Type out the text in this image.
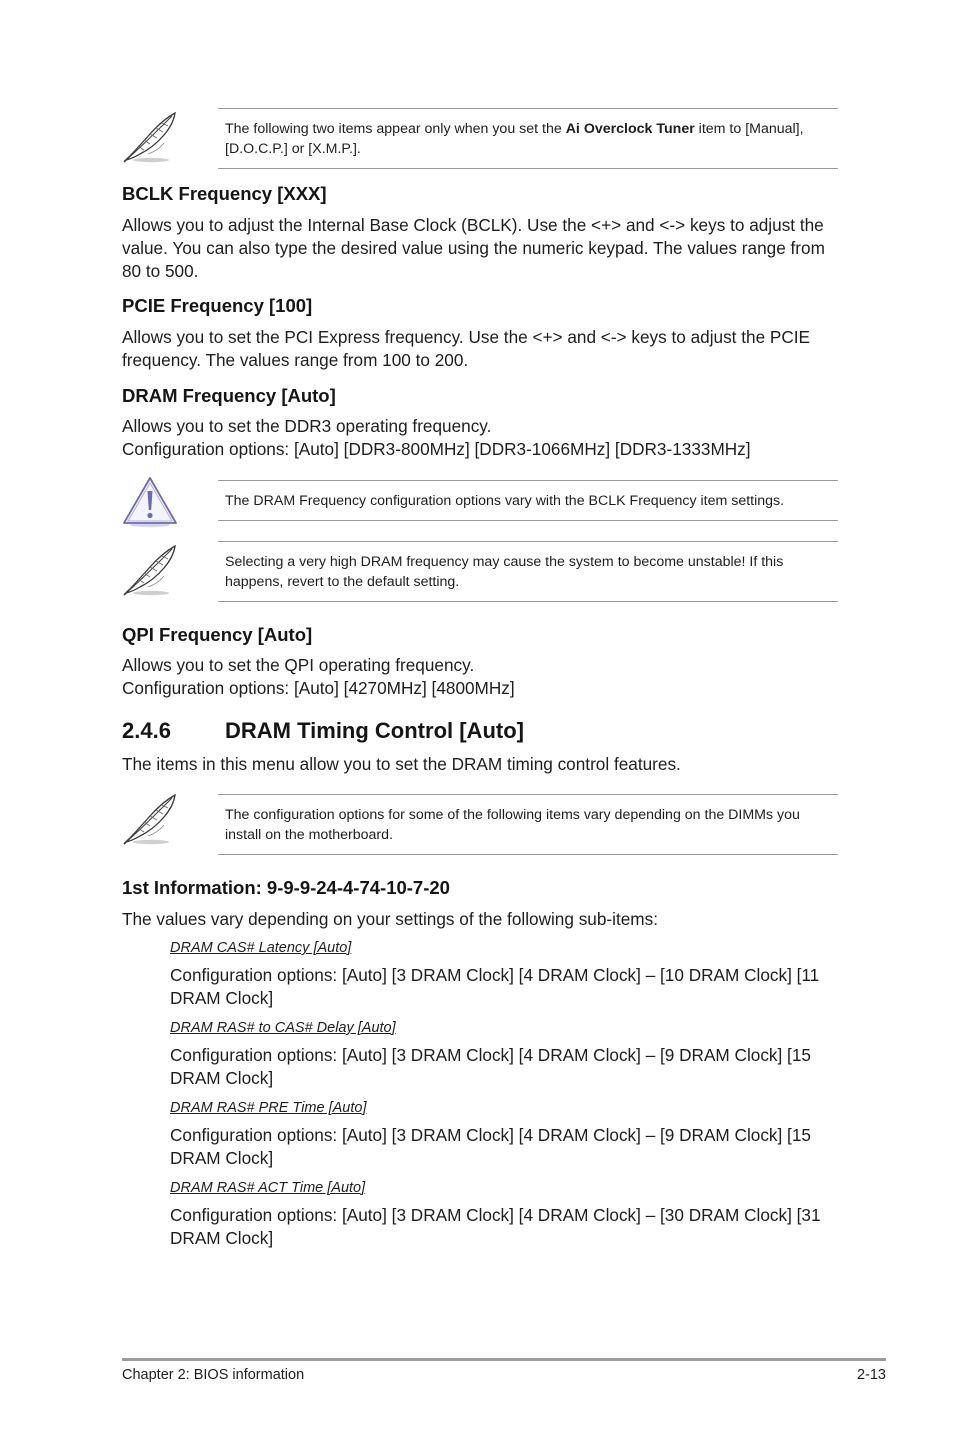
The following two items appear only when you set the Ai Overclock Tuner item to [Manual], [D.O.C.P.] or [X.M.P.].
BCLK Frequency [XXX]
Allows you to adjust the Internal Base Clock (BCLK). Use the <+> and <-> keys to adjust the value. You can also type the desired value using the numeric keypad. The values range from 80 to 500.
PCIE Frequency [100]
Allows you to set the PCI Express frequency. Use the <+> and <-> keys to adjust the PCIE frequency. The values range from 100 to 200.
DRAM Frequency [Auto]
Allows you to set the DDR3 operating frequency.
Configuration options: [Auto] [DDR3-800MHz] [DDR3-1066MHz] [DDR3-1333MHz]
The DRAM Frequency configuration options vary with the BCLK Frequency item settings.
Selecting a very high DRAM frequency may cause the system to become unstable! If this happens, revert to the default setting.
QPI Frequency [Auto]
Allows you to set the QPI operating frequency.
Configuration options: [Auto] [4270MHz] [4800MHz]
2.4.6 DRAM Timing Control [Auto]
The items in this menu allow you to set the DRAM timing control features.
The configuration options for some of the following items vary depending on the DIMMs you install on the motherboard.
1st Information: 9-9-9-24-4-74-10-7-20
The values vary depending on your settings of the following sub-items:
DRAM CAS# Latency [Auto]
Configuration options: [Auto] [3 DRAM Clock] [4 DRAM Clock] – [10 DRAM Clock] [11 DRAM Clock]
DRAM RAS# to CAS# Delay [Auto]
Configuration options: [Auto] [3 DRAM Clock] [4 DRAM Clock] – [9 DRAM Clock] [15 DRAM Clock]
DRAM RAS# PRE Time [Auto]
Configuration options: [Auto] [3 DRAM Clock] [4 DRAM Clock] – [9 DRAM Clock] [15 DRAM Clock]
DRAM RAS# ACT Time [Auto]
Configuration options: [Auto] [3 DRAM Clock] [4 DRAM Clock] – [30 DRAM Clock] [31 DRAM Clock]
Chapter 2: BIOS information	2-13
